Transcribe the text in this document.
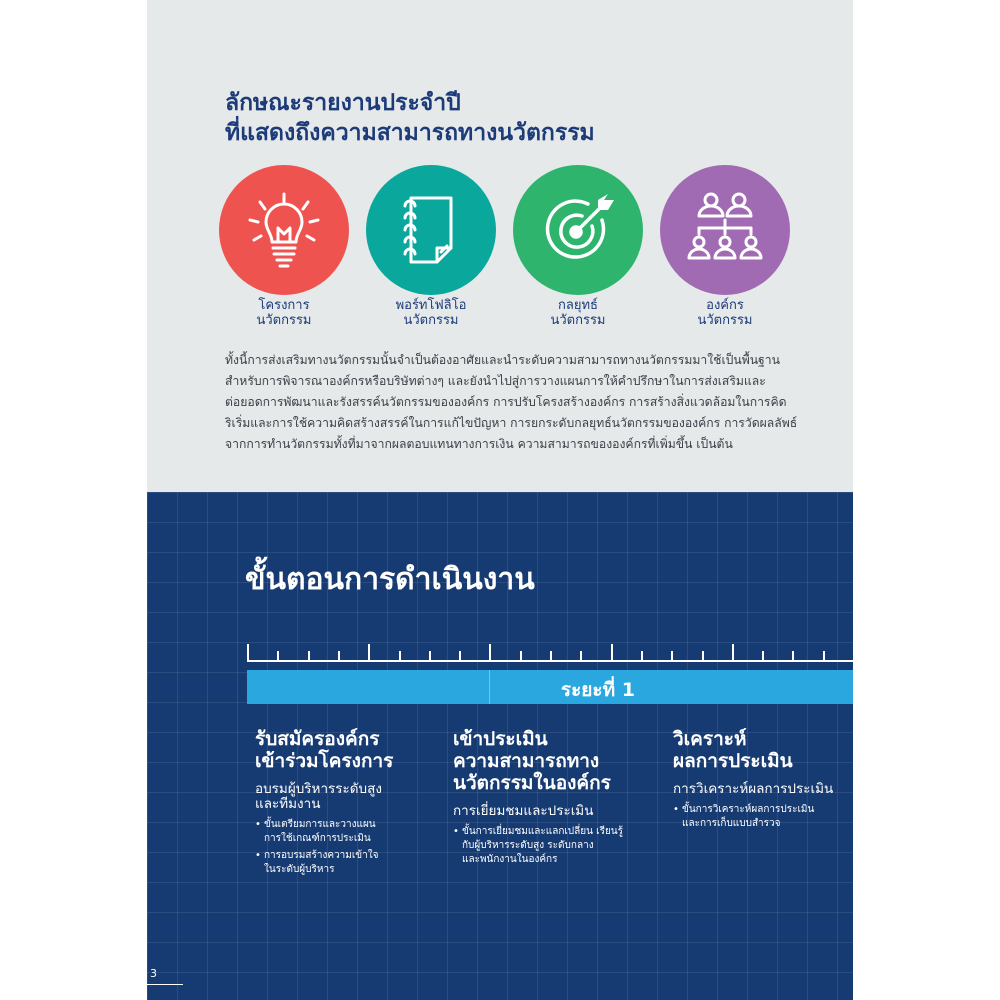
ลักษณะรายงานประจำปี
ที่แสดงถึงความสามารถทางนวัตกรรม
โครงการ
นวัตกรรม
พอร์ทโฟลิโอ
นวัตกรรม
กลยุทธ์
นวัตกรรม
องค์กร
นวัตกรรม
ทั้งนี้การส่งเสริมทางนวัตกรรมนั้นจำเป็นต้องอาศัยและนำระดับความสามารถทางนวัตกรรมมาใช้เป็นพื้นฐาน
สำหรับการพิจารณาองค์กรหรือบริษัทต่างๆ และยังนำไปสู่การวางแผนการให้คำปรึกษาในการส่งเสริมและ
ต่อยอดการพัฒนาและรังสรรค์นวัตกรรมขององค์กร การปรับโครงสร้างองค์กร การสร้างสิ่งแวดล้อมในการคิด
ริเริ่มและการใช้ความคิดสร้างสรรค์ในการแก้ไขปัญหา การยกระดับกลยุทธ์นวัตกรรมขององค์กร การวัดผลลัพธ์
จากการทำนวัตกรรมทั้งที่มาจากผลตอบแทนทางการเงิน ความสามารถขององค์กรที่เพิ่มขึ้น เป็นต้น
ขั้นตอนการดำเนินงาน
ระยะที่ 1
รับสมัครองค์กร
เข้าร่วมโครงการ
อบรมผู้บริหารระดับสูง
และทีมงาน
• ขั้นเตรียมการและวางแผน
การใช้เกณฑ์การประเมิน
• การอบรมสร้างความเข้าใจ
ในระดับผู้บริหาร
เข้าประเมิน
ความสามารถทาง
นวัตกรรมในองค์กร
การเยี่ยมชมและประเมิน
• ขั้นการเยี่ยมชมและแลกเปลี่ยน เรียนรู้
กับผู้บริหารระดับสูง ระดับกลาง
และพนักงานในองค์กร
วิเคราะห์
ผลการประเมิน
การวิเคราะห์ผลการประเมิน
• ขั้นการวิเคราะห์ผลการประเมิน
และการเก็บแบบสำรวจ
3
